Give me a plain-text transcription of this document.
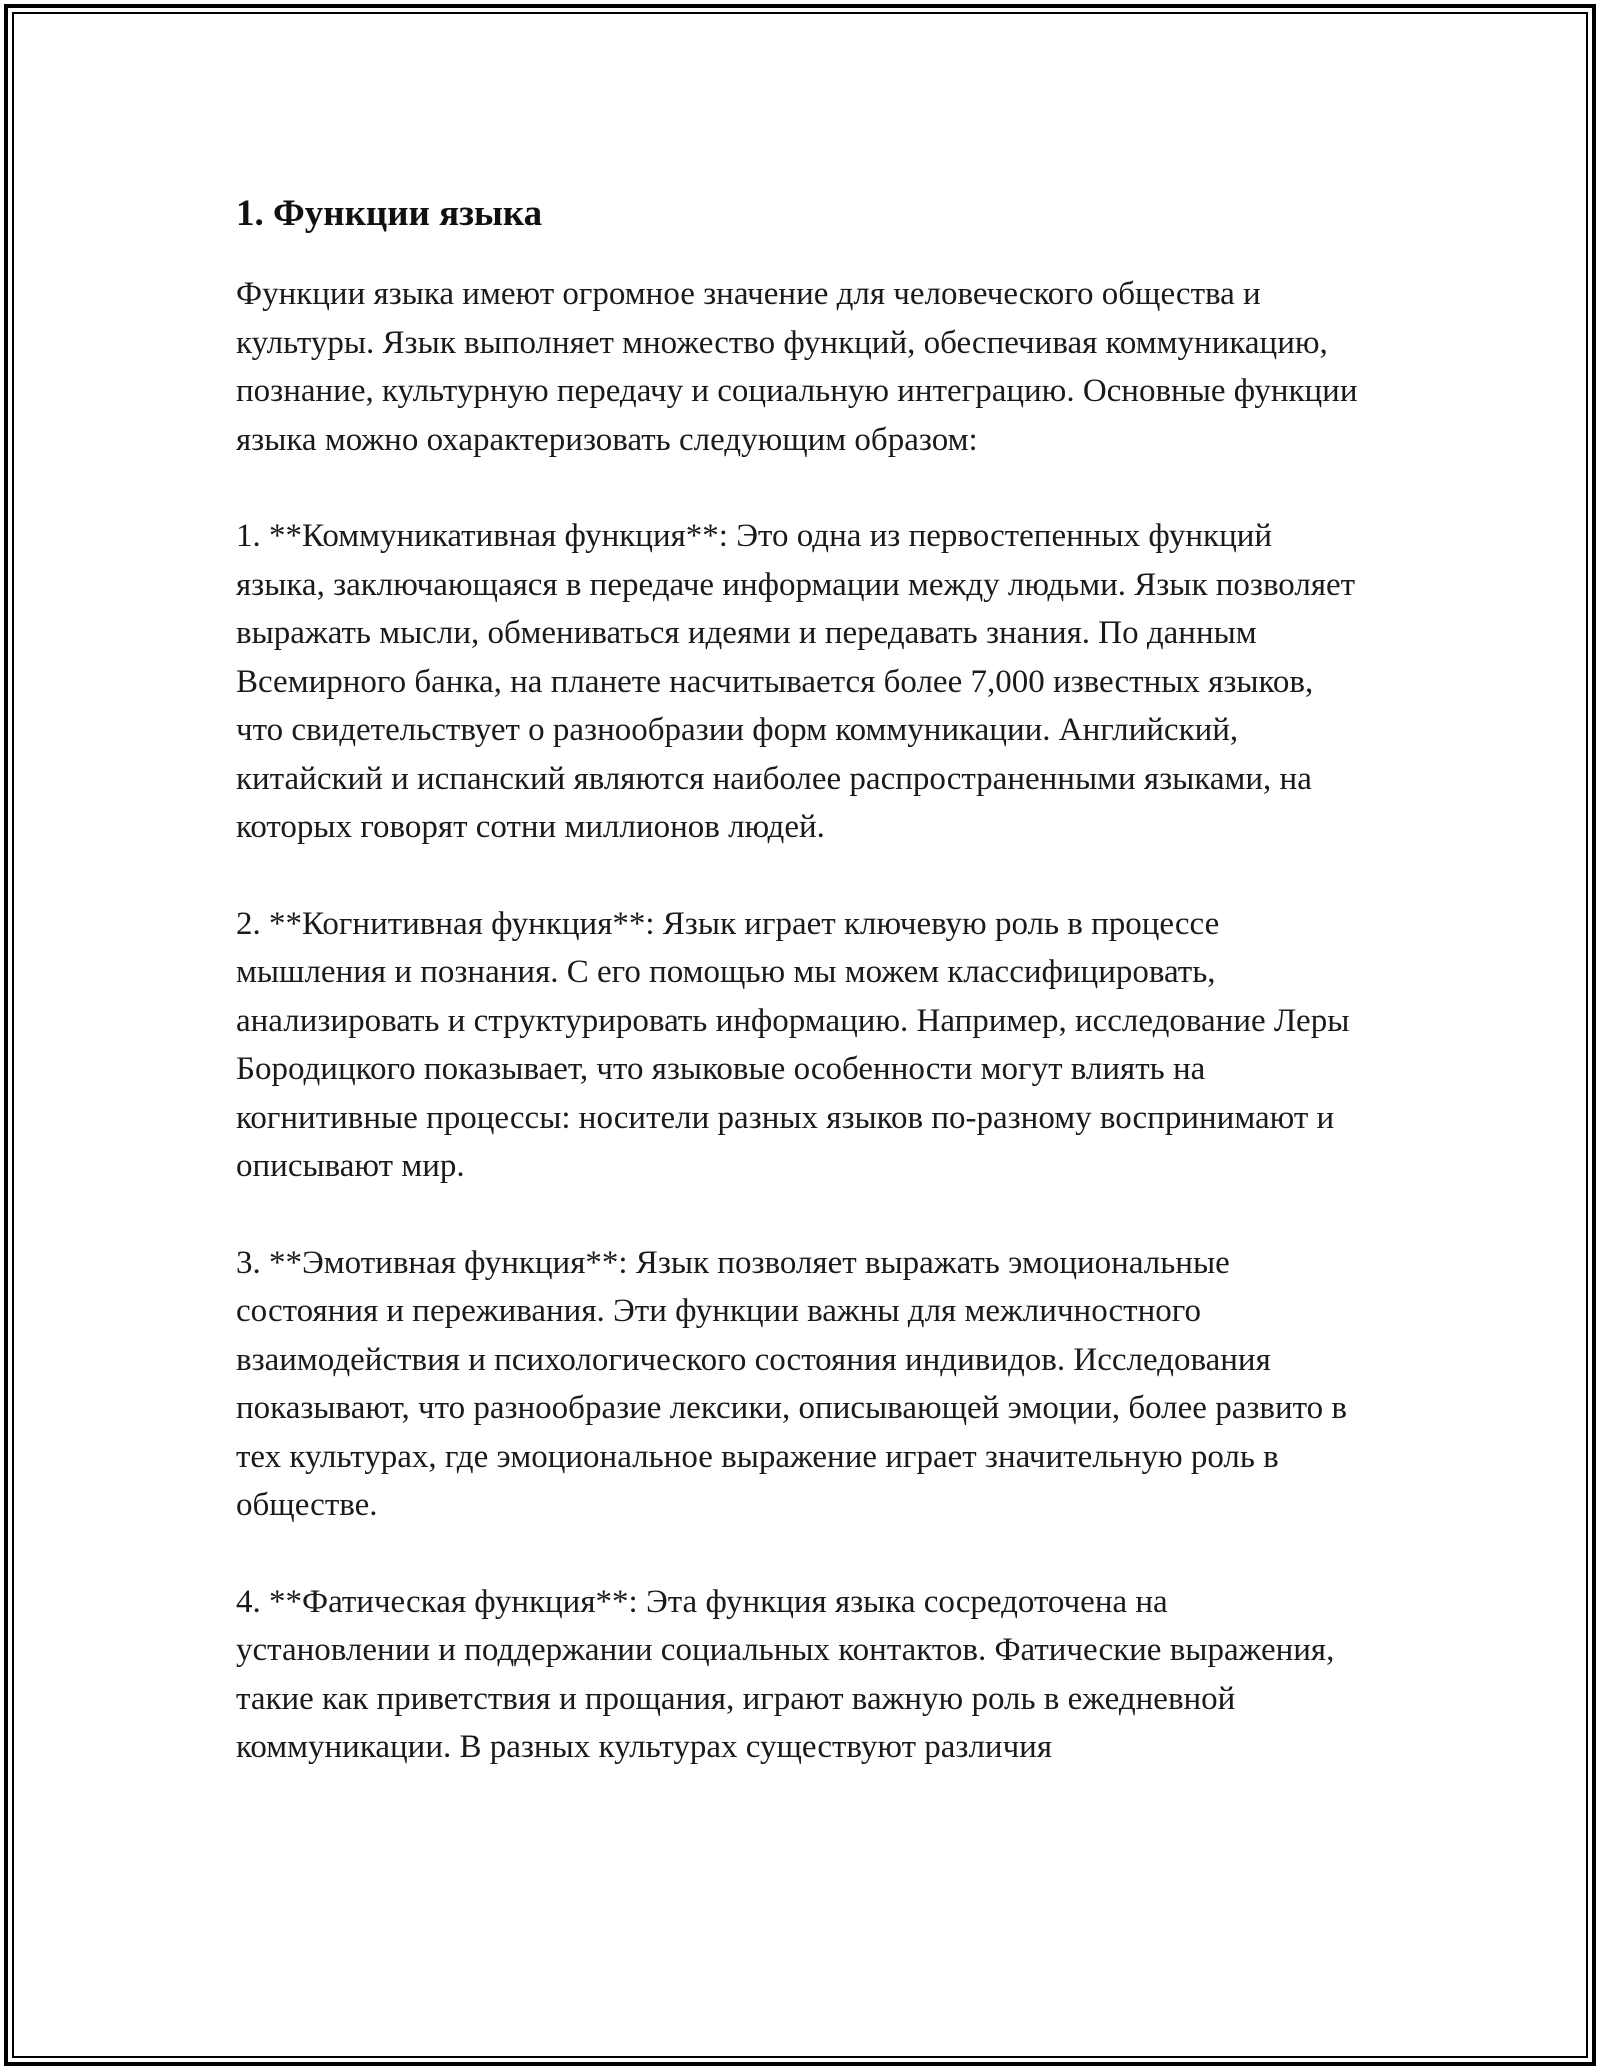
1. Функции языка

Функции языка имеют огромное значение для человеческого общества и культуры. Язык выполняет множество функций, обеспечивая коммуникацию, познание, культурную передачу и социальную интеграцию. Основные функции языка можно охарактеризовать следующим образом:

1. **Коммуникативная функция**: Это одна из первостепенных функций языка, заключающаяся в передаче информации между людьми. Язык позволяет выражать мысли, обмениваться идеями и передавать знания. По данным Всемирного банка, на планете насчитывается более 7,000 известных языков, что свидетельствует о разнообразии форм коммуникации. Английский, китайский и испанский являются наиболее распространенными языками, на которых говорят сотни миллионов людей.

2. **Когнитивная функция**: Язык играет ключевую роль в процессе мышления и познания. С его помощью мы можем классифицировать, анализировать и структурировать информацию. Например, исследование Леры Бородицкого показывает, что языковые особенности могут влиять на когнитивные процессы: носители разных языков по-разному воспринимают и описывают мир.

3. **Эмотивная функция**: Язык позволяет выражать эмоциональные состояния и переживания. Эти функции важны для межличностного взаимодействия и психологического состояния индивидов. Исследования показывают, что разнообразие лексики, описывающей эмоции, более развито в тех культурах, где эмоциональное выражение играет значительную роль в обществе.

4. **Фатическая функция**: Эта функция языка сосредоточена на установлении и поддержании социальных контактов. Фатические выражения, такие как приветствия и прощания, играют важную роль в ежедневной коммуникации. В разных культурах существуют различия
